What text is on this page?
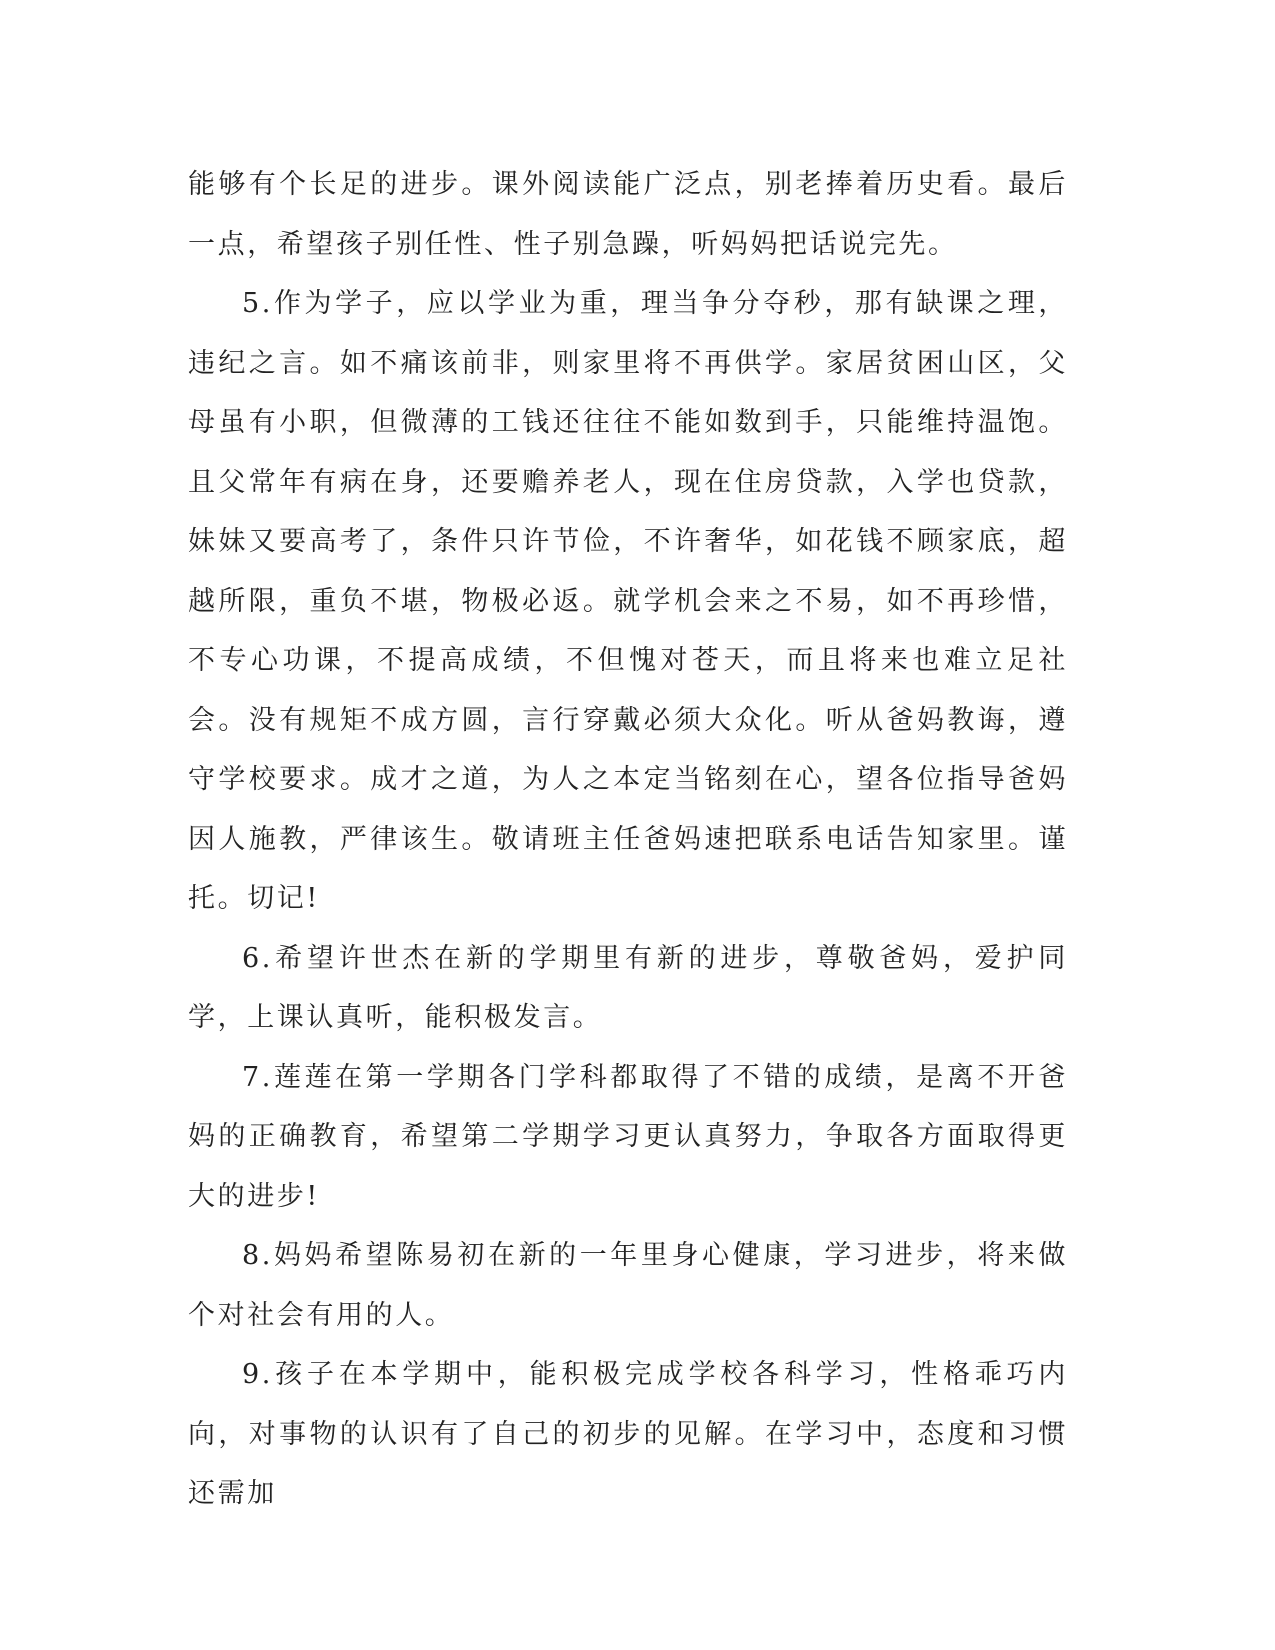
能够有个长足的进步。课外阅读能广泛点，别老捧着历史看。最后一点，希望孩子别任性、性子别急躁，听妈妈把话说完先。

5.作为学子，应以学业为重，理当争分夺秒，那有缺课之理，违纪之言。如不痛该前非，则家里将不再供学。家居贫困山区，父母虽有小职，但微薄的工钱还往往不能如数到手，只能维持温饱。且父常年有病在身，还要赡养老人，现在住房贷款，入学也贷款，妹妹又要高考了，条件只许节俭，不许奢华，如花钱不顾家底，超越所限，重负不堪，物极必返。就学机会来之不易，如不再珍惜，不专心功课，不提高成绩，不但愧对苍天，而且将来也难立足社会。没有规矩不成方圆，言行穿戴必须大众化。听从爸妈教诲，遵守学校要求。成才之道，为人之本定当铭刻在心，望各位指导爸妈因人施教，严律该生。敬请班主任爸妈速把联系电话告知家里。谨托。切记!

6.希望许世杰在新的学期里有新的进步，尊敬爸妈，爱护同学，上课认真听，能积极发言。

7.莲莲在第一学期各门学科都取得了不错的成绩，是离不开爸妈的正确教育，希望第二学期学习更认真努力，争取各方面取得更大的进步!

8.妈妈希望陈易初在新的一年里身心健康，学习进步，将来做个对社会有用的人。

9.孩子在本学期中，能积极完成学校各科学习，性格乖巧内向，对事物的认识有了自己的初步的见解。在学习中，态度和习惯还需加
